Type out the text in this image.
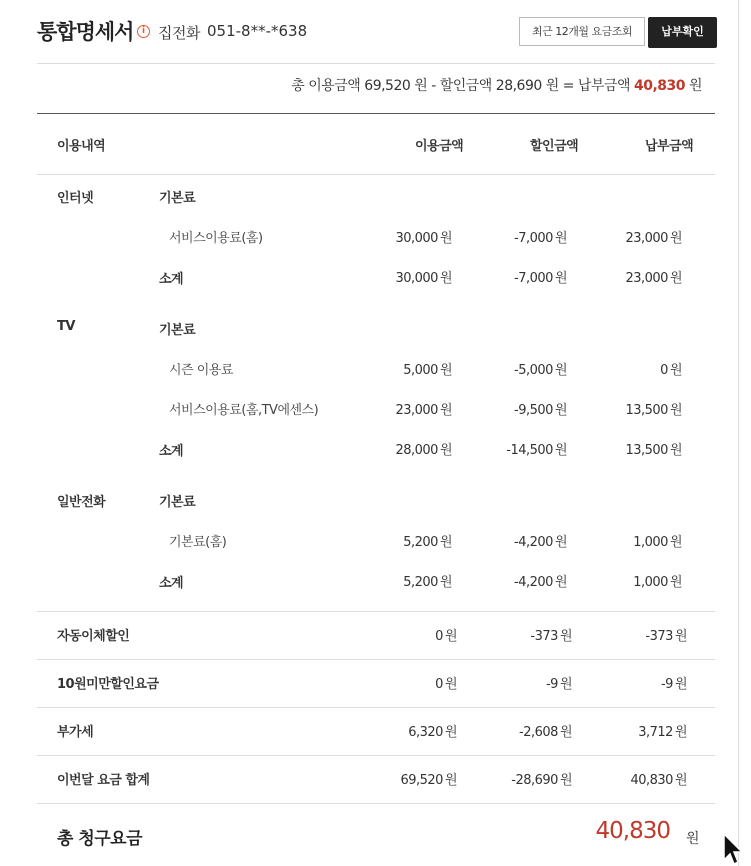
통합명세서 i 집전화 051-8**-*638	최근 12개월 요금조회	납부확인
총 이용금액 69,520 원 - 할인금액 28,690 원 = 납부금액 40,830 원
이용내역	이용금액	할인금액	납부금액
인터넷	기본료
서비스이용료(홈)	30,000 원	-7,000 원	23,000 원
소계	30,000 원	-7,000 원	23,000 원
TV	기본료
시즌 이용료	5,000 원	-5,000 원	0 원
서비스이용료(홈,TV에센스)	23,000 원	-9,500 원	13,500 원
소계	28,000 원	-14,500 원	13,500 원
일반전화	기본료
기본료(홈)	5,200 원	-4,200 원	1,000 원
소계	5,200 원	-4,200 원	1,000 원
자동이체할인	0 원	-373 원	-373 원
10원미만할인요금	0 원	-9 원	-9 원
부가세	6,320 원	-2,608 원	3,712 원
이번달 요금 합계	69,520 원	-28,690 원	40,830 원
총 청구요금	40,830 원
